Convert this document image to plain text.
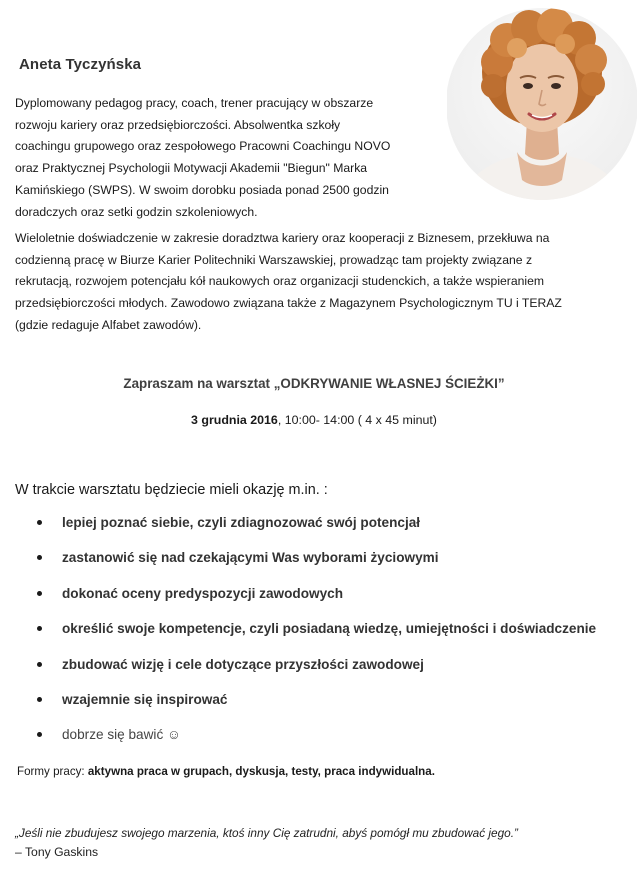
Aneta Tyczyńska
Dyplomowany pedagog pracy, coach, trener pracujący w obszarze
rozwoju kariery oraz przedsiębiorczości. Absolwentka szkoły
coachingu grupowego oraz zespołowego Pracowni Coachingu NOVO
oraz Praktycznej Psychologii Motywacji Akademii "Biegun" Marka
Kamińskiego (SWPS). W swoim dorobku posiada ponad 2500 godzin
doradczych oraz setki godzin szkoleniowych.
Wieloletnie doświadczenie w zakresie doradztwa kariery oraz kooperacji z Biznesem, przekłuwa na
codzienną pracę w Biurze Karier Politechniki Warszawskiej, prowadząc tam projekty związane z
rekrutacją, rozwojem potencjału kół naukowych oraz organizacji studenckich, a także wspieraniem
przedsiębiorczości młodych. Zawodowo związana także z Magazynem Psychologicznym TU i TERAZ
(gdzie redaguje Alfabet zawodów).
Zapraszam na warsztat „ODKRYWANIE WŁASNEJ ŚCIEŻKI”
3 grudnia 2016, 10:00- 14:00 ( 4 x 45 minut)
W trakcie warsztatu będziecie mieli okazję m.in. :
lepiej poznać siebie, czyli zdiagnozować swój potencjał
zastanowić się nad czekającymi Was wyborami życiowymi
dokonać oceny predyspozycji zawodowych
określić swoje kompetencje, czyli posiadaną wiedzę, umiejętności i doświadczenie
zbudować wizję i cele dotyczące przyszłości zawodowej
wzajemnie się inspirować
dobrze się bawić ☺
Formy pracy: aktywna praca w grupach, dyskusja, testy, praca indywidualna.
„Jeśli nie zbudujesz swojego marzenia, ktoś inny Cię zatrudni, abyś pomógł mu zbudować jego.”
– Tony Gaskins
